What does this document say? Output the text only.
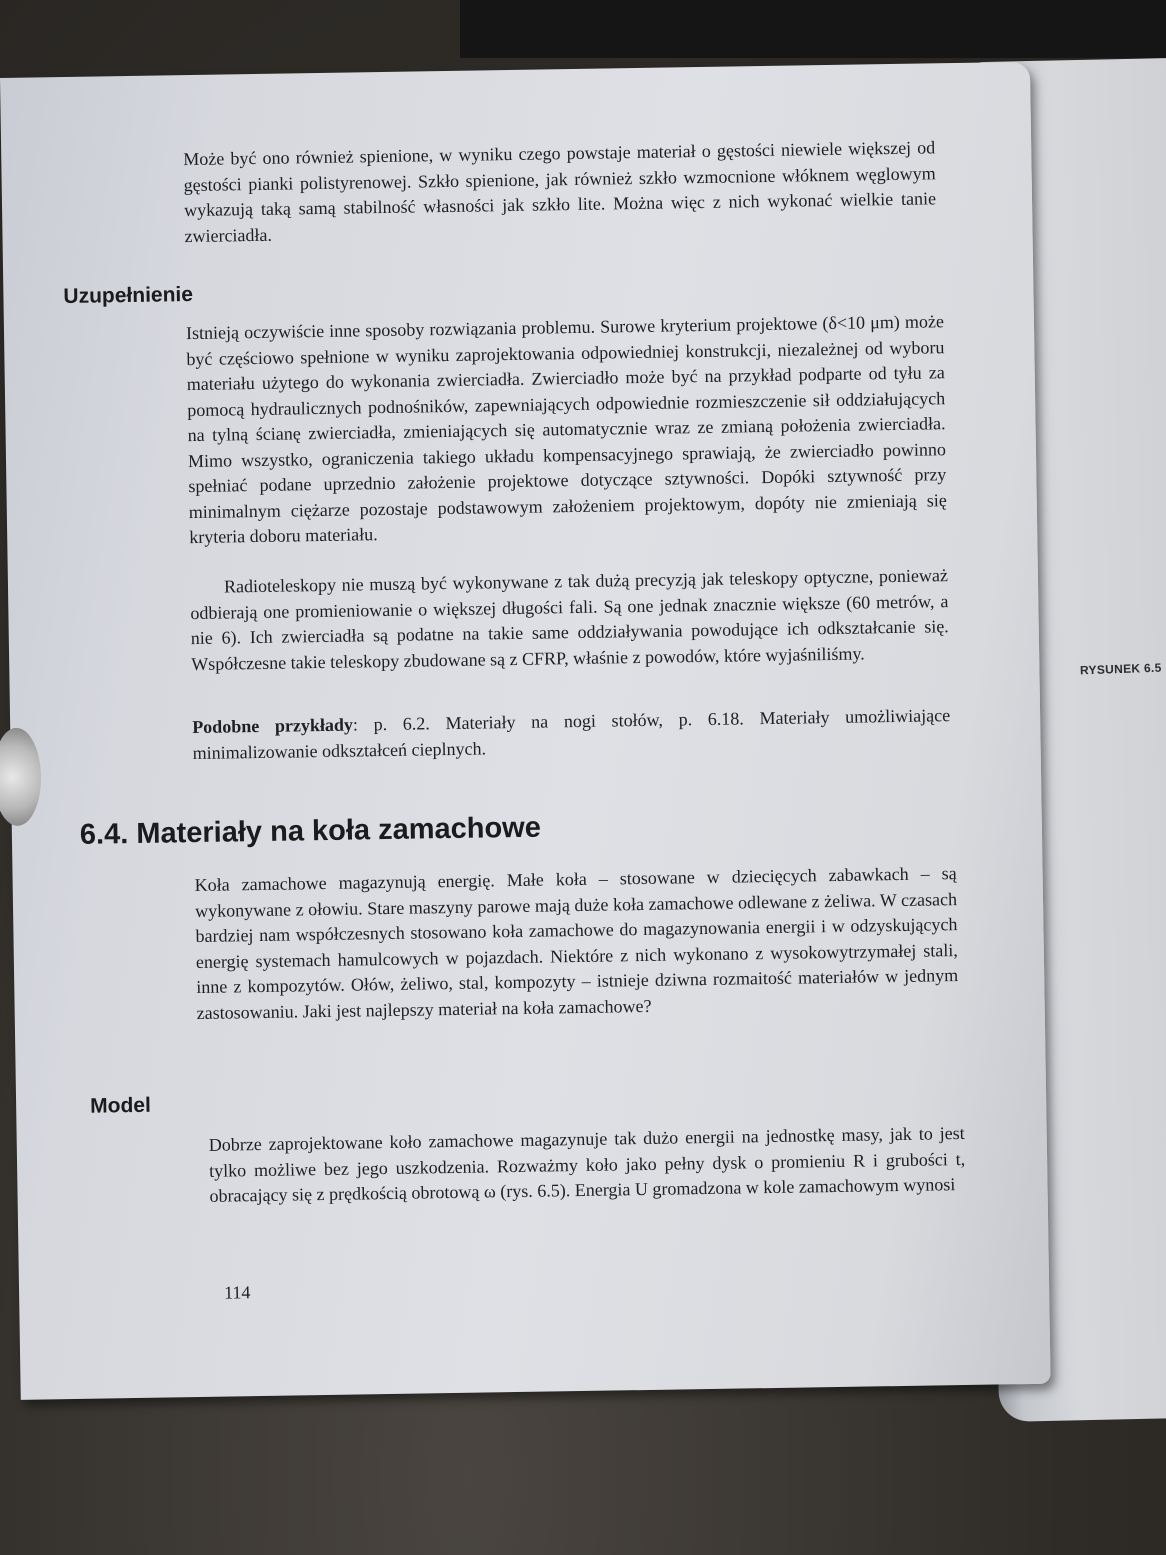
RYSUNEK 6.5

Może być ono również spienione, w wyniku czego powstaje materiał o gęstości niewiele większej od gęstości pianki polistyrenowej. Szkło spienione, jak również szkło wzmocnione włóknem węglowym wykazują taką samą stabilność własności jak szkło lite. Można więc z nich wykonać wielkie tanie zwierciadła.

Uzupełnienie

Istnieją oczywiście inne sposoby rozwiązania problemu. Surowe kryterium projektowe (δ<10 μm) może być częściowo spełnione w wyniku zaprojektowania odpowiedniej konstrukcji, niezależnej od wyboru materiału użytego do wykonania zwierciadła. Zwierciadło może być na przykład podparte od tyłu za pomocą hydraulicznych podnośników, zapewniających odpowiednie rozmieszczenie sił oddziałujących na tylną ścianę zwierciadła, zmieniających się automatycznie wraz ze zmianą położenia zwierciadła. Mimo wszystko, ograniczenia takiego układu kompensacyjnego sprawiają, że zwierciadło powinno spełniać podane uprzednio założenie projektowe dotyczące sztywności. Dopóki sztywność przy minimalnym ciężarze pozostaje podstawowym założeniem projektowym, dopóty nie zmieniają się kryteria doboru materiału.

Radioteleskopy nie muszą być wykonywane z tak dużą precyzją jak teleskopy optyczne, ponieważ odbierają one promieniowanie o większej długości fali. Są one jednak znacznie większe (60 metrów, a nie 6). Ich zwierciadła są podatne na takie same oddziaływania powodujące ich odkształcanie się. Współczesne takie teleskopy zbudowane są z CFRP, właśnie z powodów, które wyjaśniliśmy.

Podobne przykłady: p. 6.2. Materiały na nogi stołów, p. 6.18. Materiały umożliwiające minimalizowanie odkształceń cieplnych.

6.4. Materiały na koła zamachowe

Koła zamachowe magazynują energię. Małe koła – stosowane w dziecięcych zabawkach – są wykonywane z ołowiu. Stare maszyny parowe mają duże koła zamachowe odlewane z żeliwa. W czasach bardziej nam współczesnych stosowano koła zamachowe do magazynowania energii i w odzyskujących energię systemach hamulcowych w pojazdach. Niektóre z nich wykonano z wysokowytrzymałej stali, inne z kompozytów. Ołów, żeliwo, stal, kompozyty – istnieje dziwna rozmaitość materiałów w jednym zastosowaniu. Jaki jest najlepszy materiał na koła zamachowe?

Model

Dobrze zaprojektowane koło zamachowe magazynuje tak dużo energii na jednostkę masy, jak to jest tylko możliwe bez jego uszkodzenia. Rozważmy koło jako pełny dysk o promieniu R i grubości t, obracający się z prędkością obrotową ω (rys. 6.5). Energia U gromadzona w kole zamachowym wynosi

114
